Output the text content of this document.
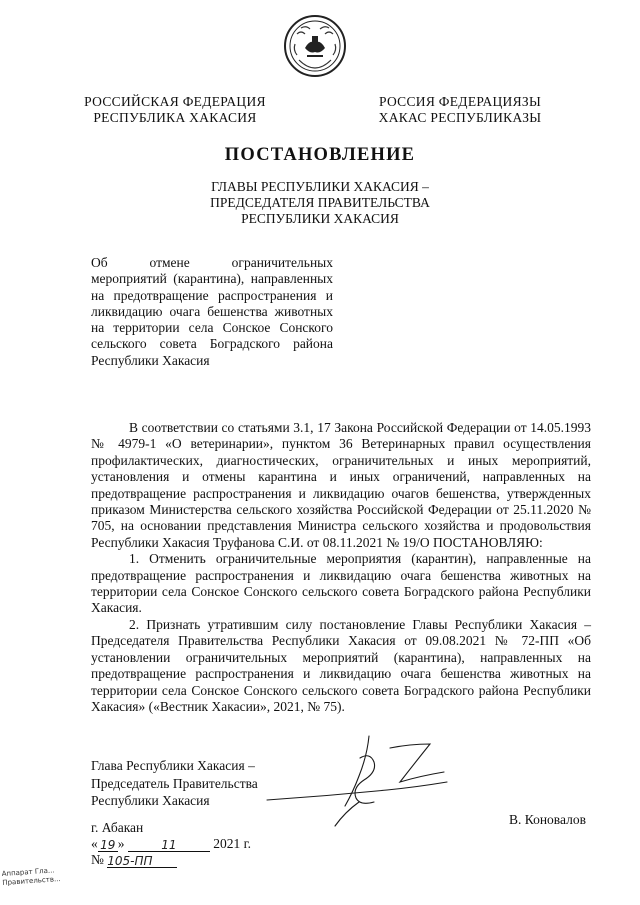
РОССИЙСКАЯ ФЕДЕРАЦИЯ
РЕСПУБЛИКА ХАКАСИЯ
РОССИЯ ФЕДЕРАЦИЯЗЫ
ХАКАС РЕСПУБЛИКАЗЫ
ПОСТАНОВЛЕНИЕ
ГЛАВЫ РЕСПУБЛИКИ ХАКАСИЯ –
ПРЕДСЕДАТЕЛЯ ПРАВИТЕЛЬСТВА
РЕСПУБЛИКИ ХАКАСИЯ
Об отмене ограничительных мероприятий (карантина), направленных на предотвращение распространения и ликвидацию очага бешенства животных на территории села Сонское Сонского сельского совета Боградского района Республики Хакасия

В соответствии со статьями 3.1, 17 Закона Российской Федерации от 14.05.1993 № 4979-1 «О ветеринарии», пунктом 36 Ветеринарных правил осуществления профилактических, диагностических, ограничительных и иных мероприятий, установления и отмены карантина и иных ограничений, направленных на предотвращение распространения и ликвидацию очагов бешенства, утвержденных приказом Министерства сельского хозяйства Российской Федерации от 25.11.2020 № 705, на основании представления Министра сельского хозяйства и продовольствия Республики Хакасия Труфанова С.И. от 08.11.2021 № 19/О ПОСТАНОВЛЯЮ:

1. Отменить ограничительные мероприятия (карантин), направленные на предотвращение распространения и ликвидацию очага бешенства животных на территории села Сонское Сонского сельского совета Боградского района Республики Хакасия.

2. Признать утратившим силу постановление Главы Республики Хакасия – Председателя Правительства Республики Хакасия от 09.08.2021 № 72-ПП «Об установлении ограничительных мероприятий (карантина), направленных на предотвращение распространения и ликвидацию очага бешенства животных на территории села Сонское Сонского сельского совета Боградского района Республики Хакасия» («Вестник Хакасии», 2021, № 75).

Глава Республики Хакасия –
Председатель Правительства
Республики Хакасия
В. Коновалов
г. Абакан
« 19 »	11	2021 г.
№ 105-ПП
Аппарат Гла...
Правительств...
